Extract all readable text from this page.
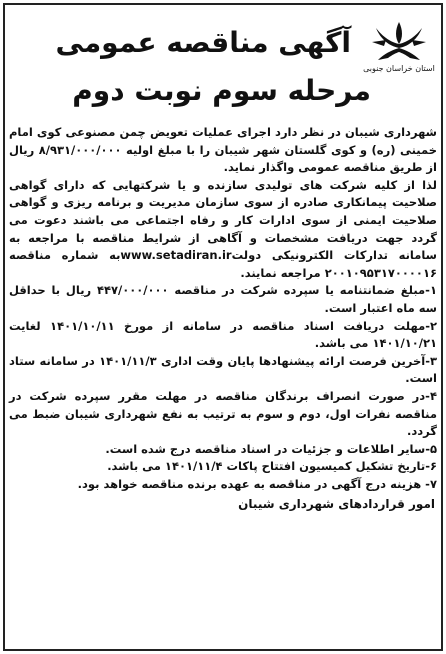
استان خراسان جنوبی
آگهی مناقصه عمومی
مرحله سوم نوبت دوم

شهرداری شیبان در نظر دارد اجرای عملیات تعویض چمن مصنوعی کوی امام خمینی (ره) و کوی گلستان شهر شیبان را با مبلغ اولیه ۸/۹۳۱/۰۰۰/۰۰۰ ریال از طریق مناقصه عمومی واگذار نماید.

لذا از کلیه شرکت های تولیدی سازنده و یا شرکتهایی که دارای گواهی صلاحیت پیمانکاری صادره از سوی سازمان مدیریت و برنامه ریزی و گواهی صلاحیت ایمنی از سوی ادارات کار و رفاه اجتماعی می باشند دعوت می گردد جهت دریافت مشخصات و آگاهی از شرایط مناقصه با مراجعه به سامانه تدارکات الکترونیکی دولتwww.setadiran.irبه شماره مناقصه ۲۰۰۱۰۹۵۳۱۷۰۰۰۰۱۶ مراجعه نمایند.

۱-مبلغ ضمانتنامه یا سپرده شرکت در مناقصه ۴۴۷/۰۰۰/۰۰۰ ریال با حداقل سه ماه اعتبار است.

۲-مهلت دریافت اسناد مناقصه در سامانه از مورخ ۱۴۰۱/۱۰/۱۱ لغایت ۱۴۰۱/۱۰/۲۱ می باشد.

۳-آخرین فرصت ارائه پیشنهادها پایان وقت اداری ۱۴۰۱/۱۱/۳ در سامانه ستاد است.

۴-در صورت انصراف برندگان مناقصه در مهلت مقرر سپرده شرکت در مناقصه نفرات اول، دوم و سوم به ترتیب به نفع شهرداری شیبان ضبط می گردد.

۵-سایر اطلاعات و جزئیات در اسناد مناقصه درج شده است.

۶-تاریخ تشکیل کمیسیون افتتاح پاکات ۱۴۰۱/۱۱/۴ می باشد.

۷- هزینه درج آگهی در مناقصه به عهده برنده مناقصه خواهد بود.

امور قراردادهای شهرداری شیبان
